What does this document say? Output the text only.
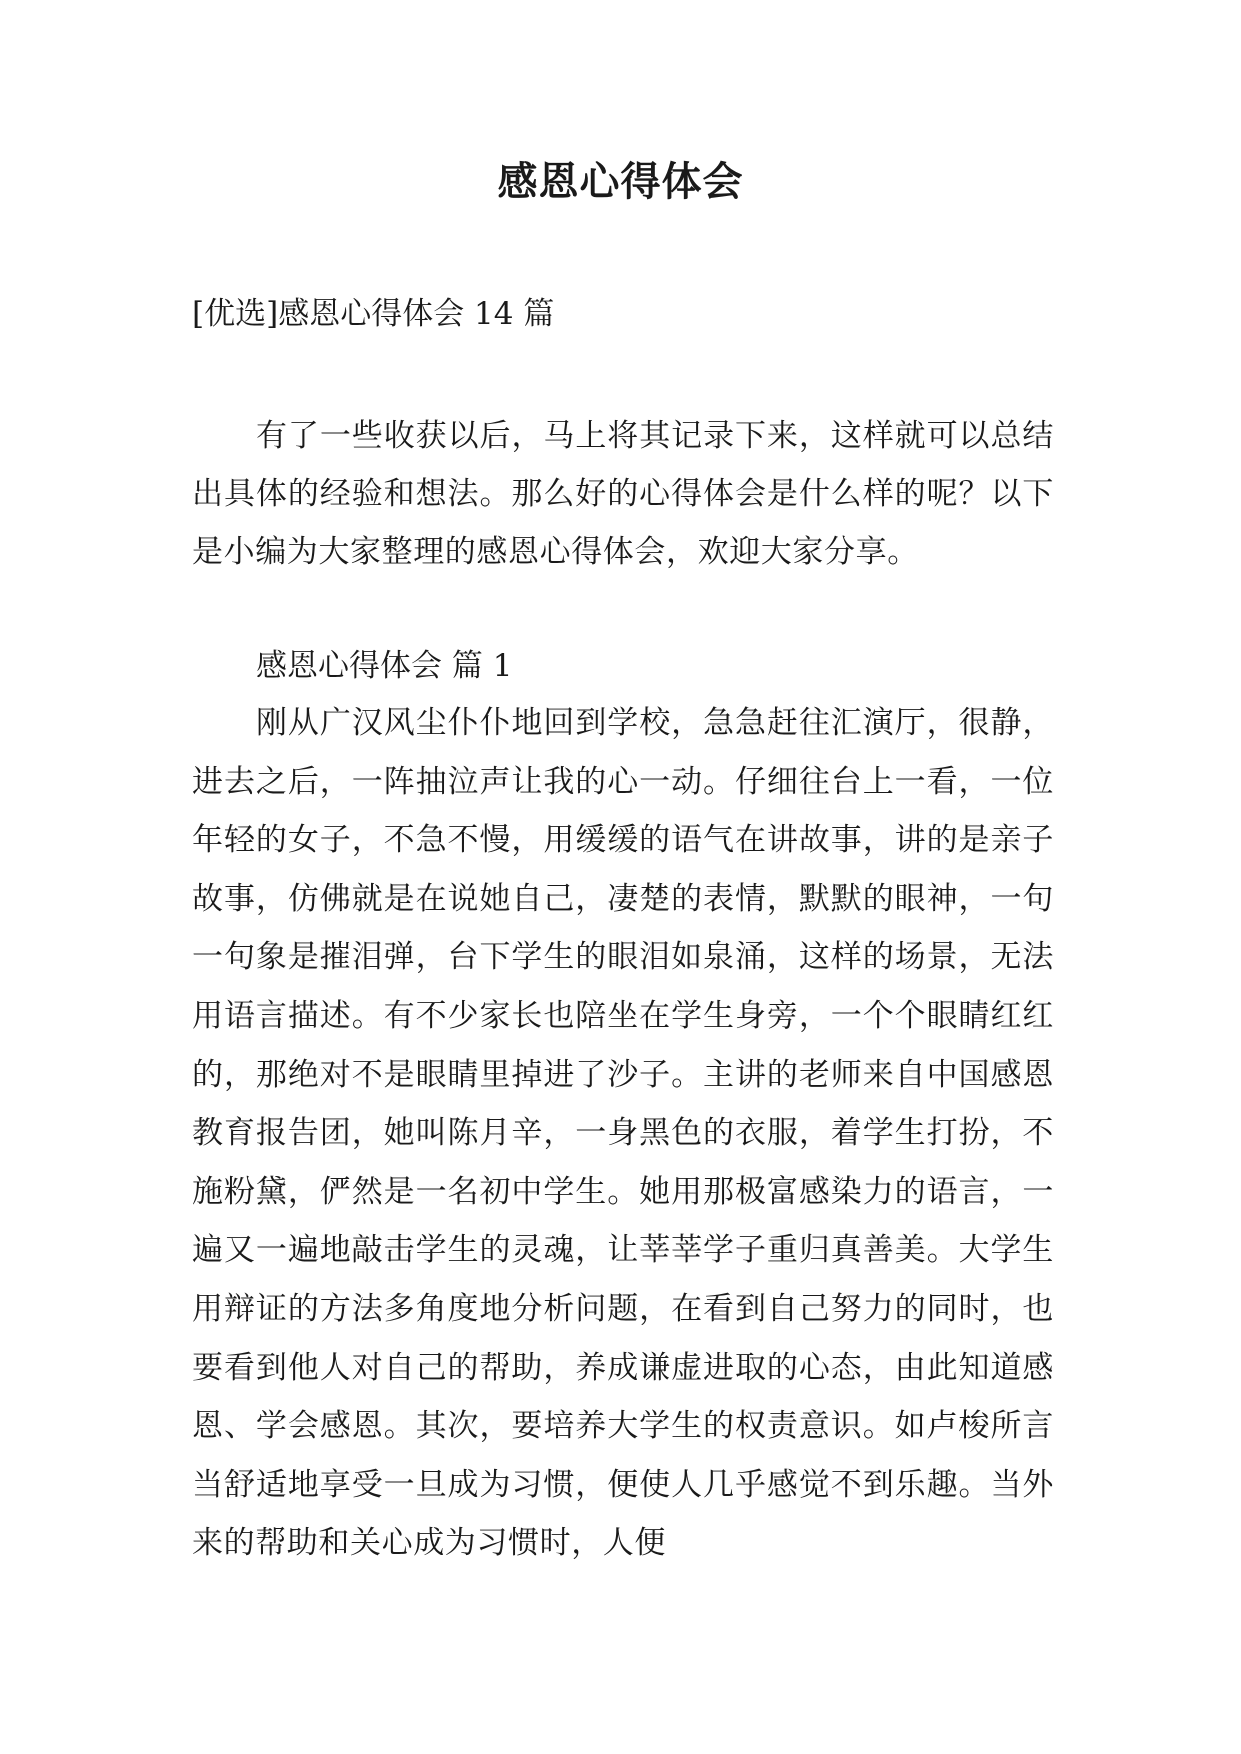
感恩心得体会

[优选]感恩心得体会 14 篇

有了一些收获以后，马上将其记录下来，这样就可以总结出具体的经验和想法。那么好的心得体会是什么样的呢？以下是小编为大家整理的感恩心得体会，欢迎大家分享。

感恩心得体会 篇 1

刚从广汉风尘仆仆地回到学校，急急赶往汇演厅，很静，进去之后，一阵抽泣声让我的心一动。仔细往台上一看，一位年轻的女子，不急不慢，用缓缓的语气在讲故事，讲的是亲子故事，仿佛就是在说她自己，凄楚的表情，默默的眼神，一句一句象是摧泪弹，台下学生的眼泪如泉涌，这样的场景，无法用语言描述。有不少家长也陪坐在学生身旁，一个个眼睛红红的，那绝对不是眼睛里掉进了沙子。主讲的老师来自中国感恩教育报告团，她叫陈月辛，一身黑色的衣服，着学生打扮，不施粉黛，俨然是一名初中学生。她用那极富感染力的语言，一遍又一遍地敲击学生的灵魂，让莘莘学子重归真善美。大学生用辩证的方法多角度地分析问题，在看到自己努力的同时，也要看到他人对自己的帮助，养成谦虚进取的心态，由此知道感恩、学会感恩。其次，要培养大学生的权责意识。如卢梭所言当舒适地享受一旦成为习惯，便使人几乎感觉不到乐趣。当外来的帮助和关心成为习惯时，人便
